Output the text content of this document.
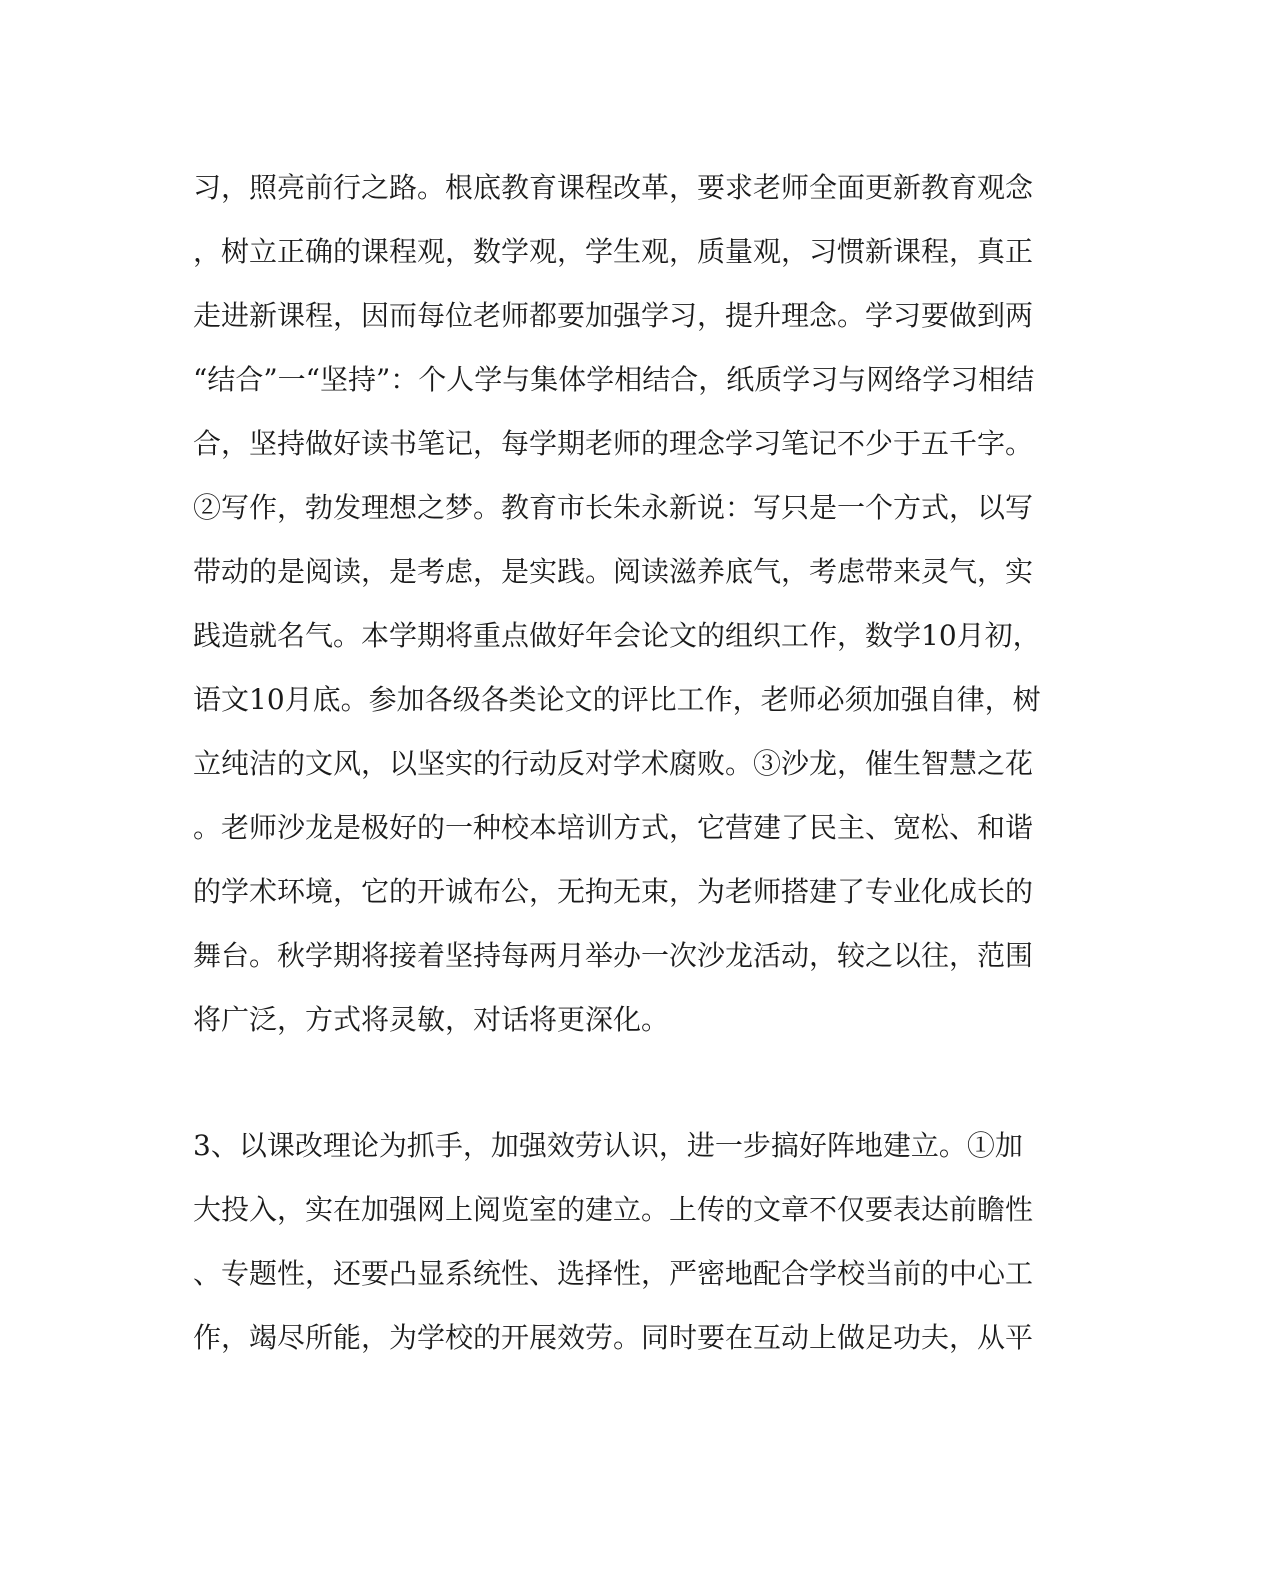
习，照亮前行之路。根底教育课程改革，要求老师全面更新教育观念
，树立正确的课程观，数学观，学生观，质量观，习惯新课程，真正
走进新课程，因而每位老师都要加强学习，提升理念。学习要做到两
“结合”一“坚持”：个人学与集体学相结合，纸质学习与网络学习相结
合，坚持做好读书笔记，每学期老师的理念学习笔记不少于五千字。
②写作，勃发理想之梦。教育市长朱永新说：写只是一个方式，以写
带动的是阅读，是考虑，是实践。阅读滋养底气，考虑带来灵气，实
践造就名气。本学期将重点做好年会论文的组织工作，数学10月初，
语文10月底。参加各级各类论文的评比工作，老师必须加强自律，树
立纯洁的文风，以坚实的行动反对学术腐败。③沙龙，催生智慧之花
。老师沙龙是极好的一种校本培训方式，它营建了民主、宽松、和谐
的学术环境，它的开诚布公，无拘无束，为老师搭建了专业化成长的
舞台。秋学期将接着坚持每两月举办一次沙龙活动，较之以往，范围
将广泛，方式将灵敏，对话将更深化。
3、以课改理论为抓手，加强效劳认识，进一步搞好阵地建立。①加
大投入，实在加强网上阅览室的建立。上传的文章不仅要表达前瞻性
、专题性，还要凸显系统性、选择性，严密地配合学校当前的中心工
作，竭尽所能，为学校的开展效劳。同时要在互动上做足功夫，从平
